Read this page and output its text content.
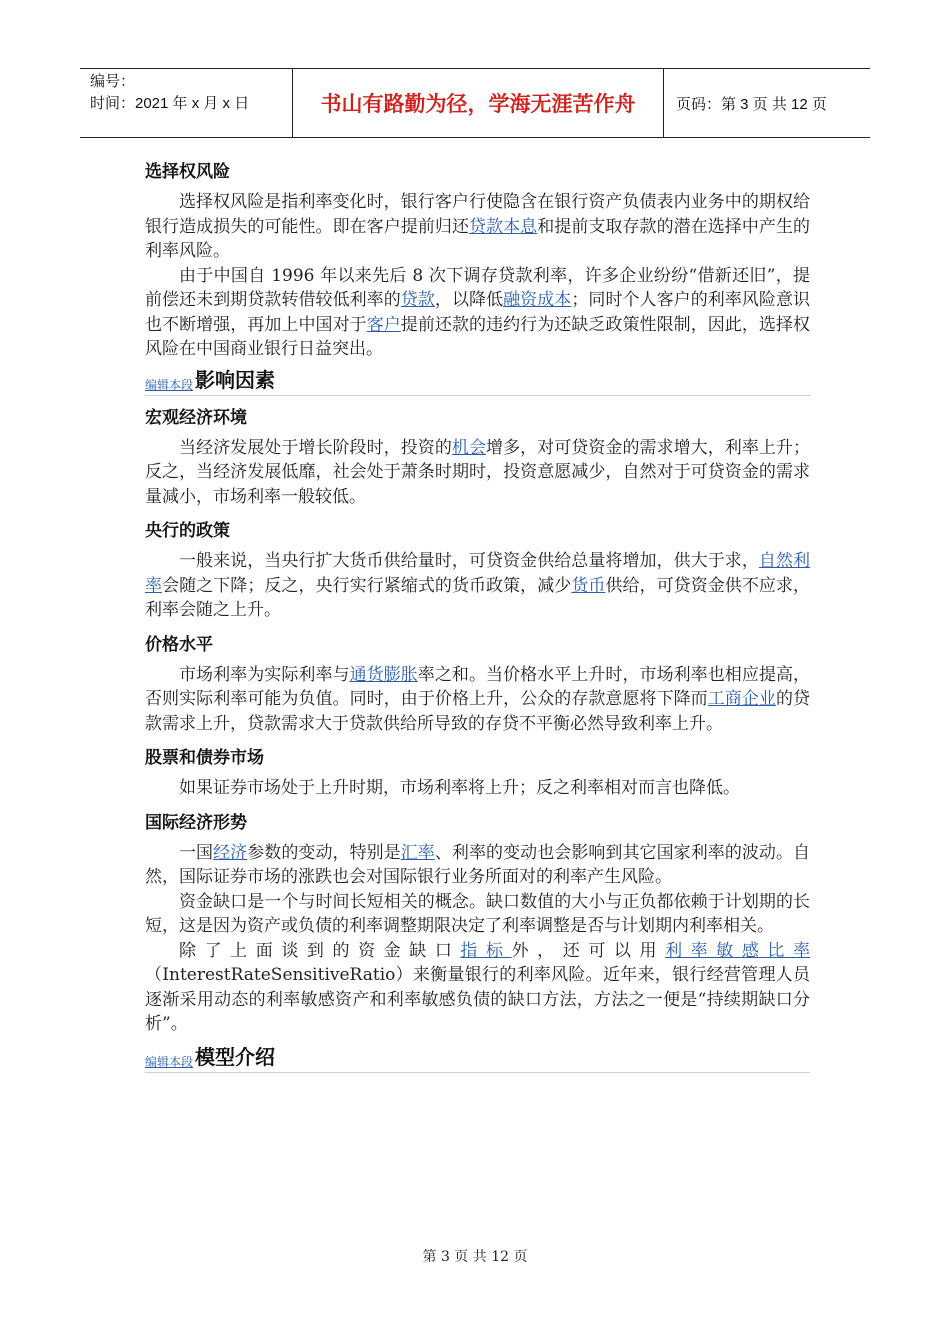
编号：
时间：2021 年 x 月 x 日	书山有路勤为径，学海无涯苦作舟	页码：第 3 页 共 12 页
选择权风险

选择权风险是指利率变化时，银行客户行使隐含在银行资产负债表内业务中的期权给银行造成损失的可能性。即在客户提前归还贷款本息和提前支取存款的潜在选择中产生的利率风险。

由于中国自 1996 年以来先后 8 次下调存贷款利率，许多企业纷纷“借新还旧”，提前偿还未到期贷款转借较低利率的贷款，以降低融资成本；同时个人客户的利率风险意识也不断增强，再加上中国对于客户提前还款的违约行为还缺乏政策性限制，因此，选择权风险在中国商业银行日益突出。

编辑本段 影响因素
宏观经济环境

当经济发展处于增长阶段时，投资的机会增多，对可贷资金的需求增大，利率上升；反之，当经济发展低靡，社会处于萧条时期时，投资意愿减少，自然对于可贷资金的需求量减小，市场利率一般较低。

央行的政策

一般来说，当央行扩大货币供给量时，可贷资金供给总量将增加，供大于求，自然利率会随之下降；反之，央行实行紧缩式的货币政策，减少货币供给，可贷资金供不应求，利率会随之上升。

价格水平

市场利率为实际利率与通货膨胀率之和。当价格水平上升时，市场利率也相应提高，否则实际利率可能为负值。同时，由于价格上升，公众的存款意愿将下降而工商企业的贷款需求上升，贷款需求大于贷款供给所导致的存贷不平衡必然导致利率上升。

股票和债券市场

如果证券市场处于上升时期，市场利率将上升；反之利率相对而言也降低。

国际经济形势

一国经济参数的变动，特别是汇率、利率的变动也会影响到其它国家利率的波动。自然，国际证券市场的涨跌也会对国际银行业务所面对的利率产生风险。

资金缺口是一个与时间长短相关的概念。缺口数值的大小与正负都依赖于计划期的长短，这是因为资产或负债的利率调整期限决定了利率调整是否与计划期内利率相关。

除了上面谈到的资金缺口指标外，还可以用利率敏感比率（InterestRateSensitiveRatio）来衡量银行的利率风险。近年来，银行经营管理人员逐渐采用动态的利率敏感资产和利率敏感负债的缺口方法，方法之一便是“持续期缺口分析”。

编辑本段 模型介绍
第 3 页 共 12 页
